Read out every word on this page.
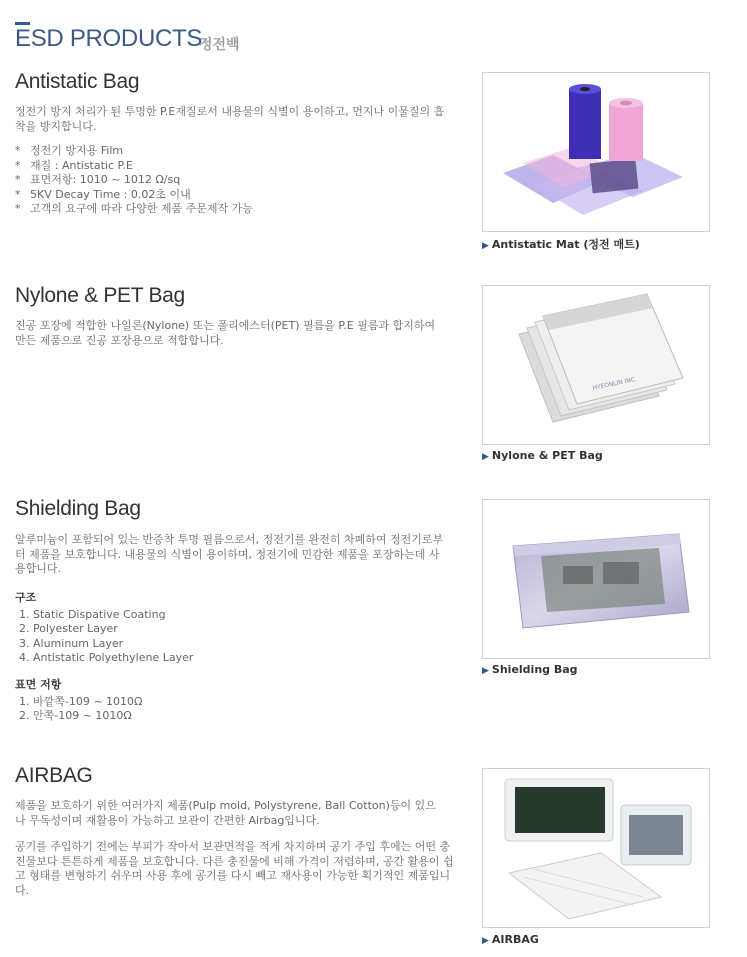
ESD PRODUCTS
정전백
Antistatic Bag
정전기 방지 처리가 된 투명한 P.E재질로서 내용물의 식별이 용이하고, 먼지나 이물질의 흡착을 방지합니다.
* 정전기 방지용 Film
* 재질 : Antistatic P.E
* 표면저항: 1010 ~ 1012 Ω/sq
* 5KV Decay Time : 0.02초 이내
* 고객의 요구에 따라 다양한 제품 주문제작 가능
▶ Antistatic Mat (정전 매트)
Nylone & PET Bag
진공 포장에 적합한 나일론(Nylone) 또는 폴리에스터(PET) 필름을 P.E 필름과 합지하여 만든 제품으로 진공 포장용으로 적합합니다.
HYEONLIN INC
▶ Nylone & PET Bag
Shielding Bag
알루미늄이 포함되어 있는 반증착 투명 필름으로서, 정전기를 완전히 차폐하여 정전기로부터 제품을 보호합니다. 내용물의 식별이 용이하며, 정전기에 민감한 제품을 포장하는데 사용합니다.
구조
1. Static Dispative Coating
2. Polyester Layer
3. Aluminum Layer
4. Antistatic Polyethylene Layer
표면 저항
1. 바깥쪽-109 ~ 1010Ω
2. 안쪽-109 ~ 1010Ω
▶ Shielding Bag
AIRBAG
제품을 보호하기 위한 여러가지 제품(Pulp mold, Polystyrene, Ball Cotton)등이 있으나 무독성이며 재활용이 가능하고 보관이 간편한 Airbag입니다.
공기를 주입하기 전에는 부피가 작아서 보관면적을 적게 차지하며 공기 주입 후에는 어떤 충진물보다 튼튼하게 제품을 보호합니다. 다른 충진물에 비해 가격이 저렴하며, 공간 활용이 쉽고 형태를 변형하기 쉬우며 사용 후에 공기를 다시 빼고 재사용이 가능한 획기적인 제품입니다.
▶ AIRBAG
